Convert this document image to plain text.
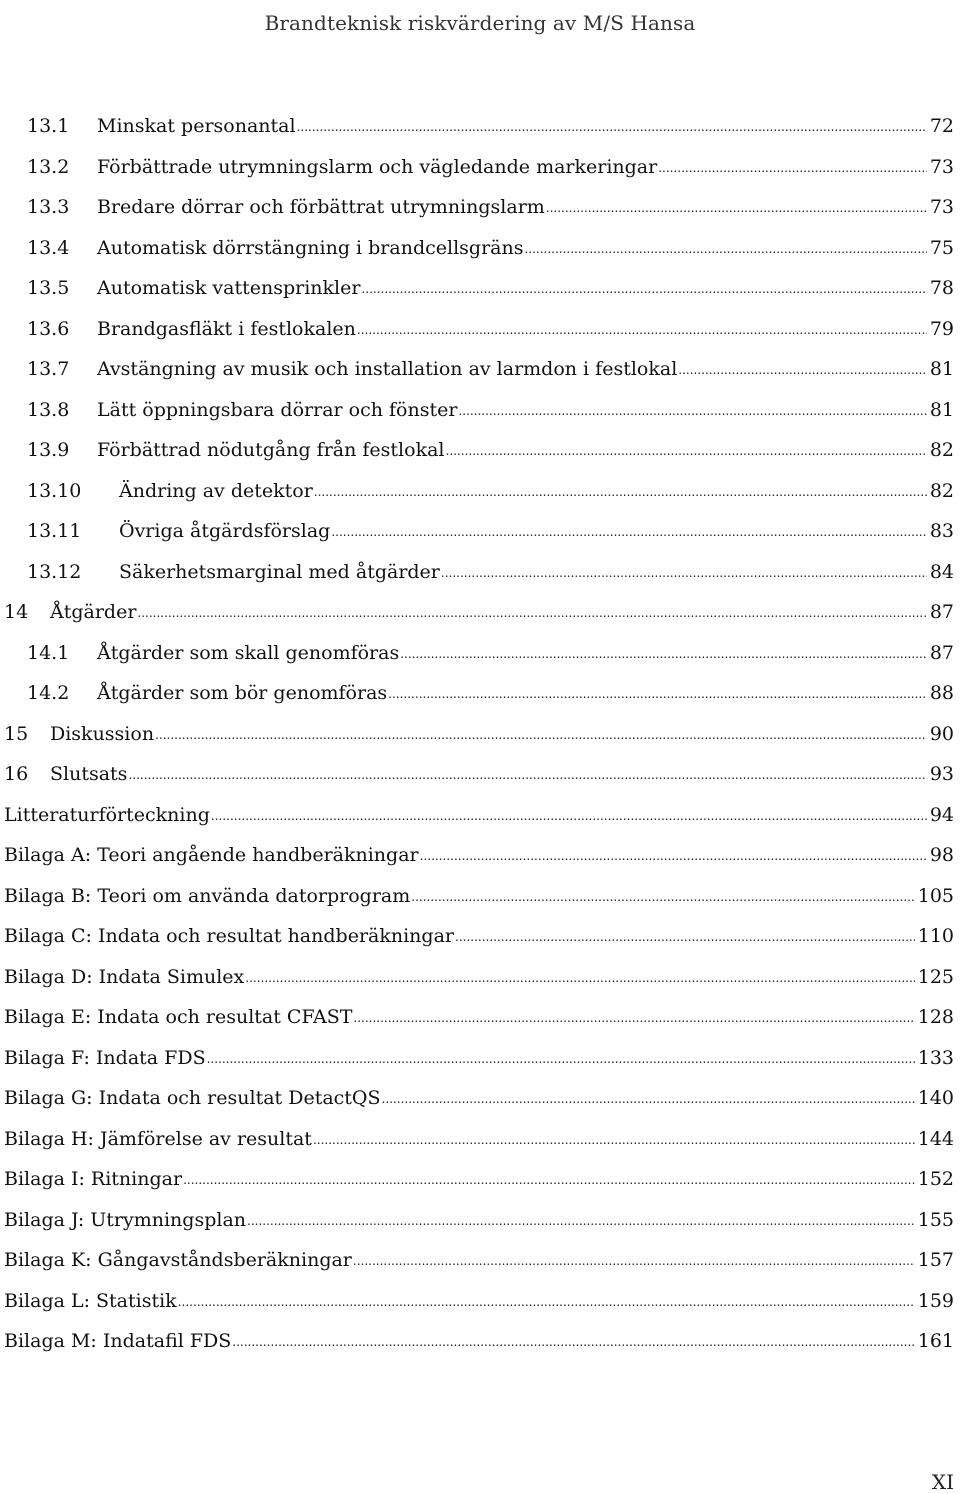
Brandteknisk riskvärdering av M/S Hansa
13.1	Minskat personantal .....	72
13.2	Förbättrade utrymningslarm och vägledande markeringar .....	73
13.3	Bredare dörrar och förbättrat utrymningslarm .....	73
13.4	Automatisk dörrstängning i brandcellsgräns .....	75
13.5	Automatisk vattensprinkler .....	78
13.6	Brandgasfläkt i festlokalen .....	79
13.7	Avstängning av musik och installation av larmdon i festlokal .....	81
13.8	Lätt öppningsbara dörrar och fönster .....	81
13.9	Förbättrad nödutgång från festlokal .....	82
13.10	Ändring av detektor .....	82
13.11	Övriga åtgärdsförslag .....	83
13.12	Säkerhetsmarginal med åtgärder .....	84
14	Åtgärder .....	87
14.1	Åtgärder som skall genomföras .....	87
14.2	Åtgärder som bör genomföras .....	88
15	Diskussion .....	90
16	Slutsats .....	93
Litteraturförteckning .....	94
Bilaga A: Teori angående handberäkningar .....	98
Bilaga B: Teori om använda datorprogram .....	105
Bilaga C: Indata och resultat handberäkningar .....	110
Bilaga D: Indata Simulex .....	125
Bilaga E: Indata och resultat CFAST .....	128
Bilaga F: Indata FDS .....	133
Bilaga G: Indata och resultat DetactQS .....	140
Bilaga H: Jämförelse av resultat .....	144
Bilaga I: Ritningar .....	152
Bilaga J: Utrymningsplan .....	155
Bilaga K: Gångavståndsberäkningar .....	157
Bilaga L: Statistik .....	159
Bilaga M: Indatafil FDS .....	161
XI
